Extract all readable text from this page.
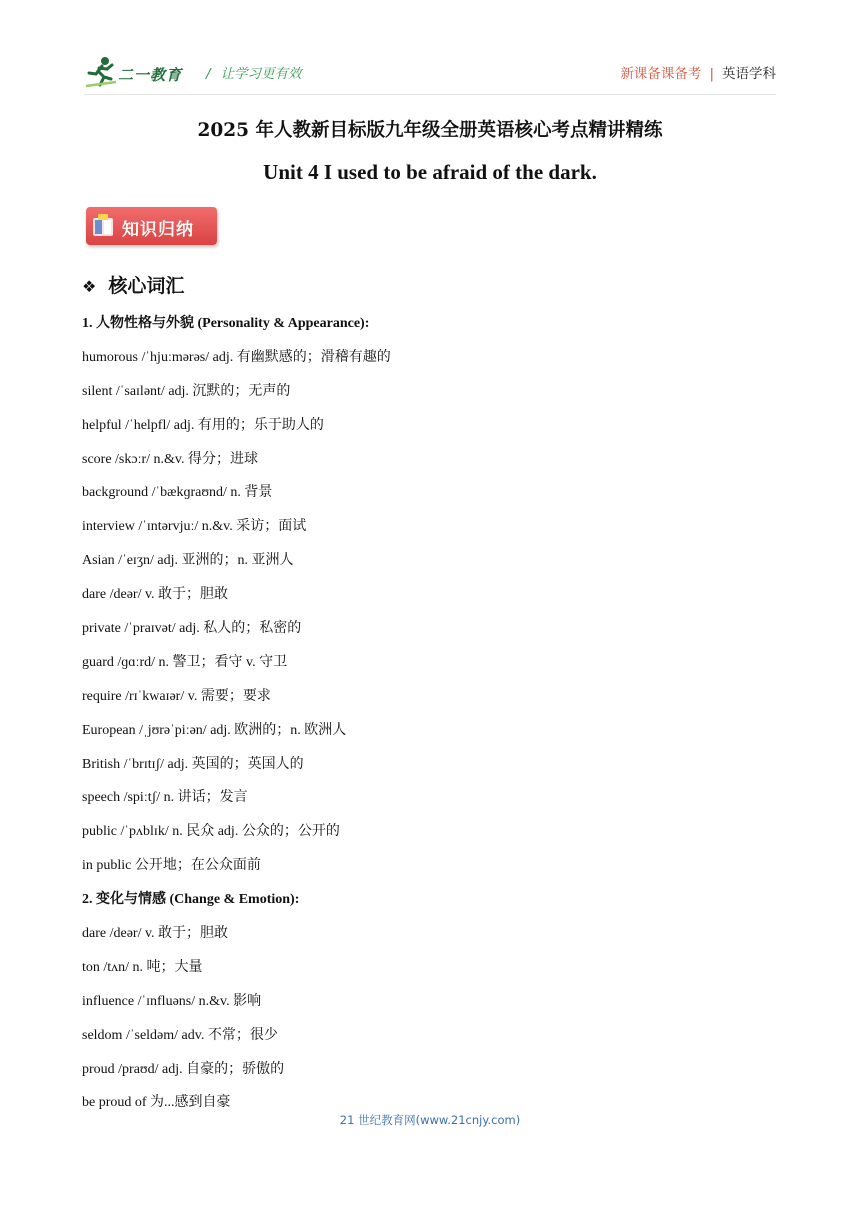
二一教育 / 让学习更有效	新课备课备考 | 英语学科
2025 年人教新目标版九年级全册英语核心考点精讲精练
Unit 4 I used to be afraid of the dark.
知识归纳
❖ 核心词汇
1. 人物性格与外貌 (Personality & Appearance):
humorous /ˈhjuːmərəs/ adj. 有幽默感的；滑稽有趣的
silent /ˈsaɪlənt/ adj. 沉默的；无声的
helpful /ˈhelpfl/ adj. 有用的；乐于助人的
score /skɔːr/ n.&v. 得分；进球
background /ˈbækɡraʊnd/ n. 背景
interview /ˈɪntərvjuː/ n.&v. 采访；面试
Asian /ˈeɪʒn/ adj. 亚洲的；n. 亚洲人
dare /deər/ v. 敢于；胆敢
private /ˈpraɪvət/ adj. 私人的；私密的
guard /ɡɑːrd/ n. 警卫；看守 v. 守卫
require /rɪˈkwaɪər/ v. 需要；要求
European /ˌjʊrəˈpiːən/ adj. 欧洲的；n. 欧洲人
British /ˈbrɪtɪʃ/ adj. 英国的；英国人的
speech /spiːtʃ/ n. 讲话；发言
public /ˈpʌblɪk/ n. 民众 adj. 公众的；公开的
in public 公开地；在公众面前
2. 变化与情感 (Change & Emotion):
dare /deər/ v. 敢于；胆敢
ton /tʌn/ n. 吨；大量
influence /ˈɪnfluəns/ n.&v. 影响
seldom /ˈseldəm/ adv. 不常；很少
proud /praʊd/ adj. 自豪的；骄傲的
be proud of 为...感到自豪
21 世纪教育网(www.21cnjy.com)
